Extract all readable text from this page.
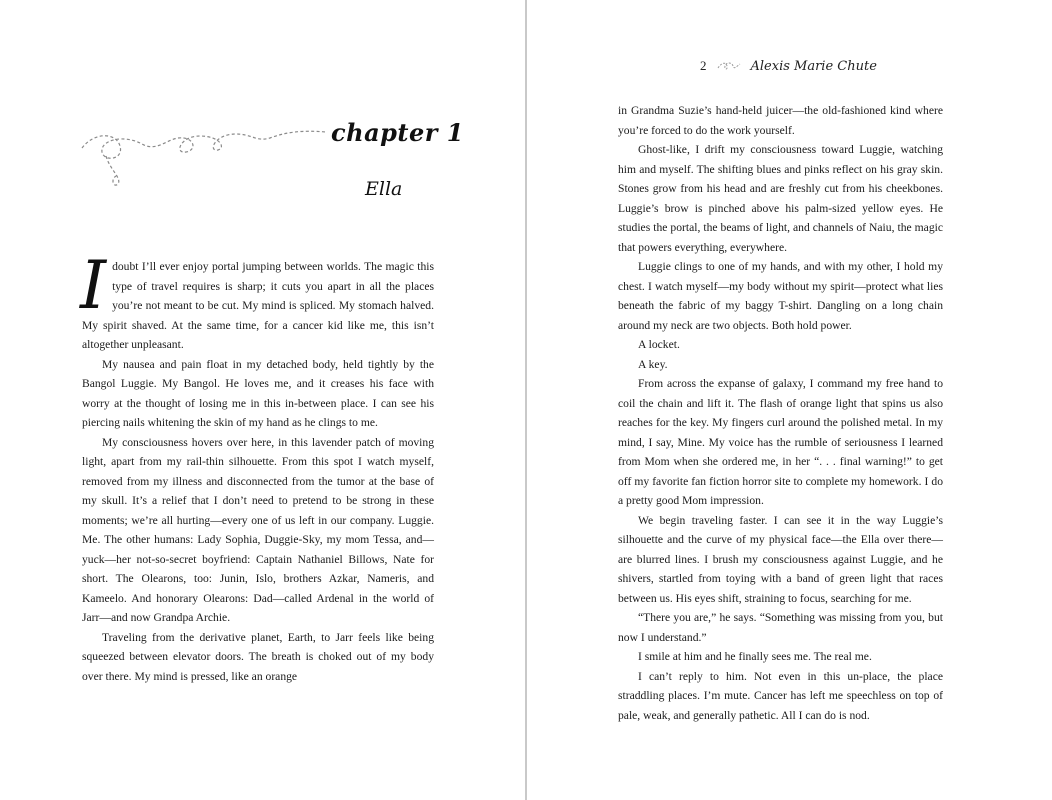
chapter 1
Ella

Idoubt I’ll ever enjoy portal jumping between worlds. The magic this type of travel requires is sharp; it cuts you apart in all the places you’re not meant to be cut. My mind is spliced. My stomach halved. My spirit shaved. At the same time, for a cancer kid like me, this isn’t altogether unpleasant.

My nausea and pain float in my detached body, held tightly by the Bangol Luggie. My Bangol. He loves me, and it creases his face with worry at the thought of losing me in this in-between place. I can see his piercing nails whitening the skin of my hand as he clings to me.

My consciousness hovers over here, in this lavender patch of moving light, apart from my rail-thin silhouette. From this spot I watch myself, removed from my illness and disconnected from the tumor at the base of my skull. It’s a relief that I don’t need to pretend to be strong in these moments; we’re all hurting—every one of us left in our company. Luggie. Me. The other humans: Lady Sophia, Duggie-Sky, my mom Tessa, and—yuck—her not-so-secret boyfriend: Captain Nathaniel Billows, Nate for short. The Olearons, too: Junin, Islo, brothers Azkar, Nameris, and Kameelo. And honorary Olearons: Dad—called Ardenal in the world of Jarr—and now Grandpa Archie.

Traveling from the derivative planet, Earth, to Jarr feels like being squeezed between elevator doors. The breath is choked out of my body over there. My mind is pressed, like an orange

2	Alexis Marie Chute

in Grandma Suzie’s hand-held juicer—the old-fashioned kind where you’re forced to do the work yourself.

Ghost-like, I drift my consciousness toward Luggie, watching him and myself. The shifting blues and pinks reflect on his gray skin. Stones grow from his head and are freshly cut from his cheekbones. Luggie’s brow is pinched above his palm-sized yellow eyes. He studies the portal, the beams of light, and channels of Naiu, the magic that powers everything, everywhere.

Luggie clings to one of my hands, and with my other, I hold my chest. I watch myself—my body without my spirit—protect what lies beneath the fabric of my baggy T-shirt. Dangling on a long chain around my neck are two objects. Both hold power.

A locket.

A key.

From across the expanse of galaxy, I command my free hand to coil the chain and lift it. The flash of orange light that spins us also reaches for the key. My fingers curl around the polished metal. In my mind, I say, Mine. My voice has the rumble of seriousness I learned from Mom when she ordered me, in her “. . . final warning!” to get off my favorite fan fiction horror site to complete my homework. I do a pretty good Mom impression.

We begin traveling faster. I can see it in the way Luggie’s silhouette and the curve of my physical face—the Ella over there—are blurred lines. I brush my consciousness against Luggie, and he shivers, startled from toying with a band of green light that races between us. His eyes shift, straining to focus, searching for me.

“There you are,” he says. “Something was missing from you, but now I understand.”

I smile at him and he finally sees me. The real me.

I can’t reply to him. Not even in this un-place, the place straddling places. I’m mute. Cancer has left me speechless on top of pale, weak, and generally pathetic. All I can do is nod.
